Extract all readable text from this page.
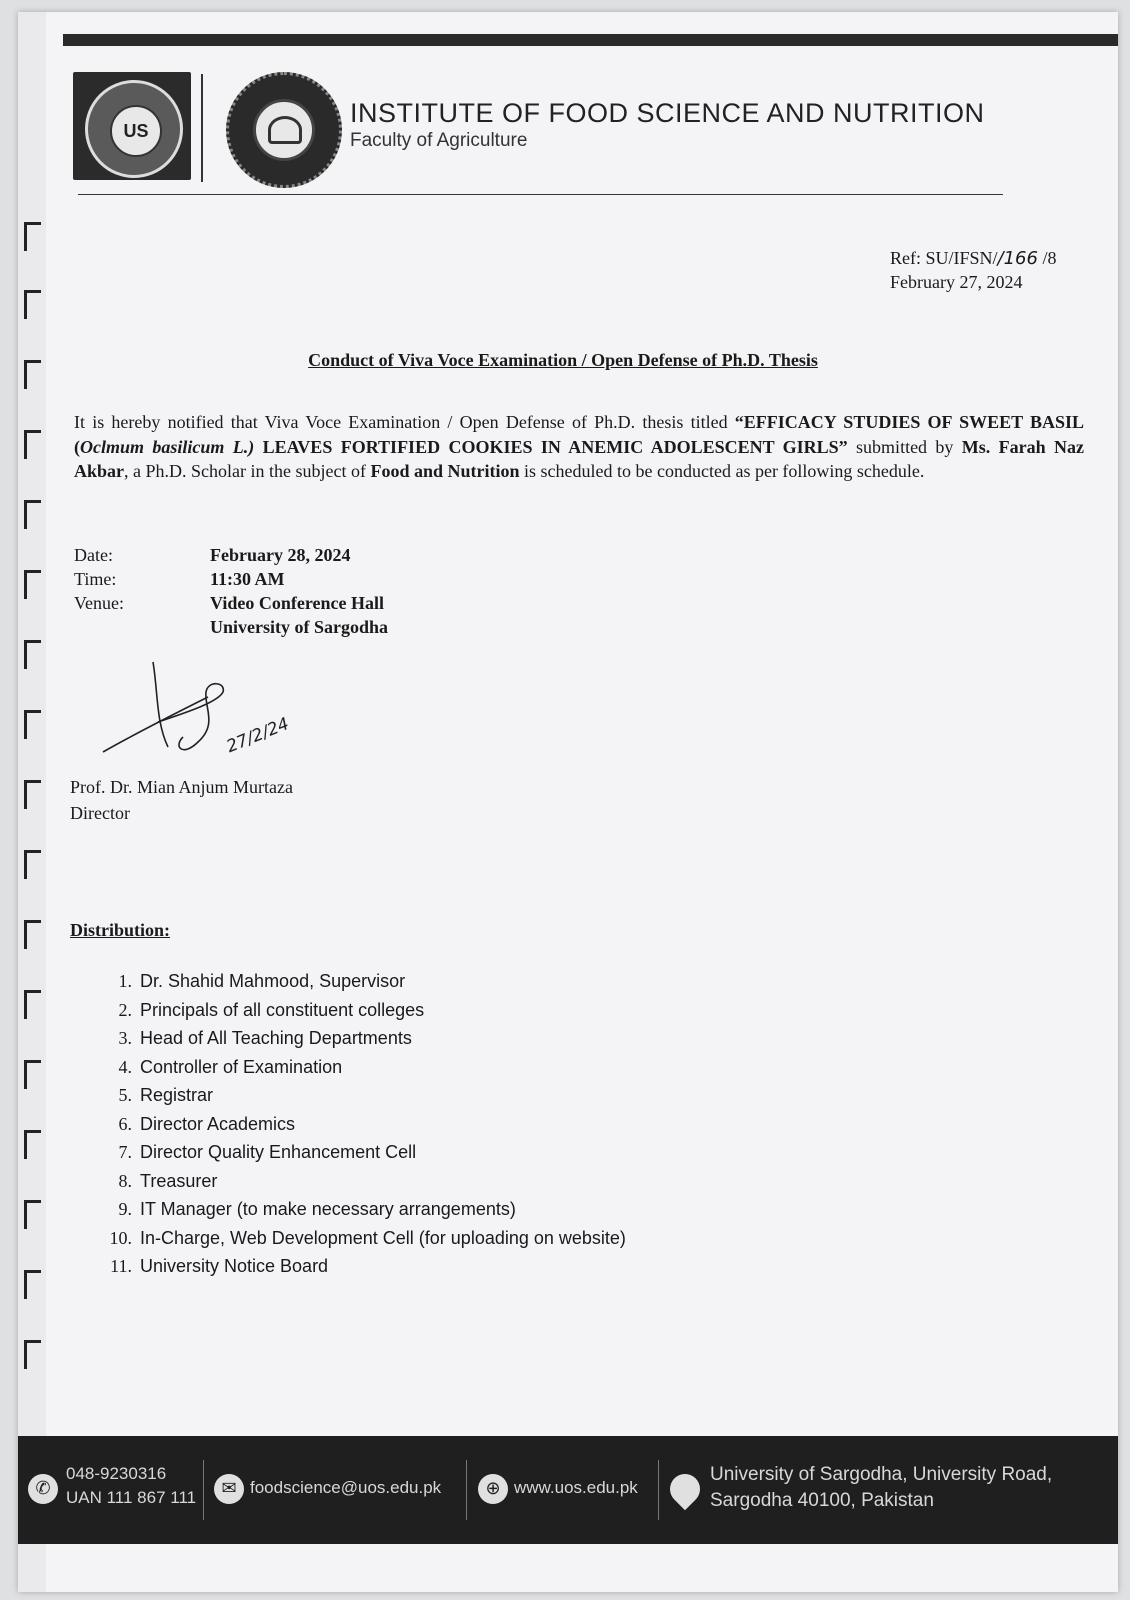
US
INSTITUTE OF FOOD SCIENCE AND NUTRITION
Faculty of Agriculture
Ref: SU/IFSN//166 /8
February 27, 2024
Conduct of Viva Voce Examination / Open Defense of Ph.D. Thesis
It is hereby notified that Viva Voce Examination / Open Defense of Ph.D. thesis titled “EFFICACY STUDIES OF SWEET BASIL (Oclmum basilicum L.) LEAVES FORTIFIED COOKIES IN ANEMIC ADOLESCENT GIRLS” submitted by Ms. Farah Naz Akbar, a Ph.D. Scholar in the subject of Food and Nutrition is scheduled to be conducted as per following schedule.
Date:	February 28, 2024
Time:	11:30 AM
Venue:	Video Conference Hall
University of Sargodha
27/2/24
Prof. Dr. Mian Anjum Murtaza
Director
Distribution:
1. Dr. Shahid Mahmood, Supervisor
2. Principals of all constituent colleges
3. Head of All Teaching Departments
4. Controller of Examination
5. Registrar
6. Director Academics
7. Director Quality Enhancement Cell
8. Treasurer
9. IT Manager (to make necessary arrangements)
10. In-Charge, Web Development Cell (for uploading on website)
11. University Notice Board
✆
048-9230316
UAN 111 867 111	✉ foodscience@uos.edu.pk	⊕ www.uos.edu.pk
University of Sargodha, University Road,
Sargodha 40100, Pakistan
